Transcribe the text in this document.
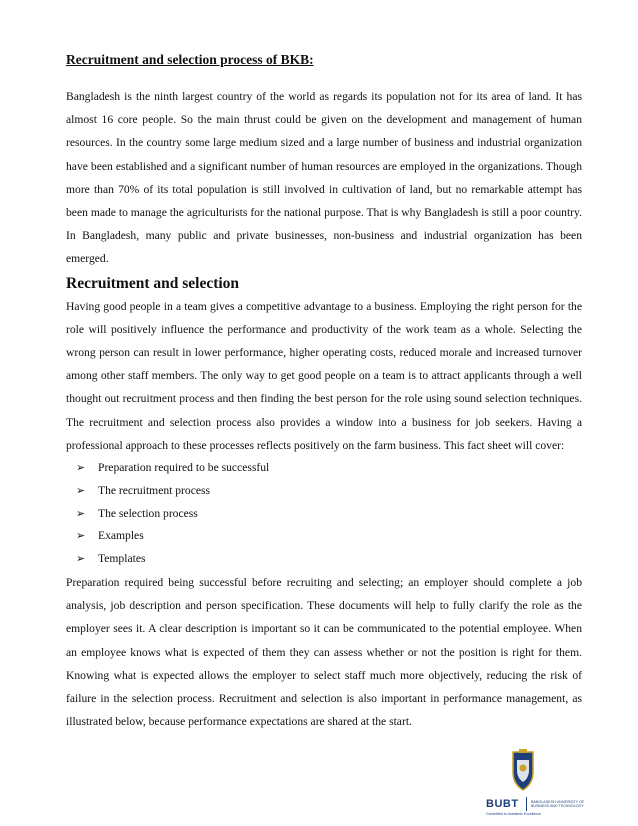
Recruitment and selection process of BKB:

Bangladesh is the ninth largest country of the world as regards its population not for its area of land. It has almost 16 core people. So the main thrust could be given on the development and management of human resources. In the country some large medium sized and a large number of business and industrial organization have been established and a significant number of human resources are employed in the organizations. Though more than 70% of its total population is still involved in cultivation of land, but no remarkable attempt has been made to manage the agriculturists for the national purpose. That is why Bangladesh is still a poor country. In Bangladesh, many public and private businesses, non-business and industrial organization has been emerged.

Recruitment and selection

Having good people in a team gives a competitive advantage to a business. Employing the right person for the role will positively influence the performance and productivity of the work team as a whole. Selecting the wrong person can result in lower performance, higher operating costs, reduced morale and increased turnover among other staff members. The only way to get good people on a team is to attract applicants through a well thought out recruitment process and then finding the best person for the role using sound selection techniques. The recruitment and selection process also provides a window into a business for job seekers. Having a professional approach to these processes reflects positively on the farm business. This fact sheet will cover:

➢	Preparation required to be successful
➢	The recruitment process
➢	The selection process
➢	Examples
➢	Templates

Preparation required being successful before recruiting and selecting; an employer should complete a job analysis, job description and person specification. These documents will help to fully clarify the role as the employer sees it. A clear description is important so it can be communicated to the potential employee. When an employee knows what is expected of them they can assess whether or not the position is right for them. Knowing what is expected allows the employer to select staff much more objectively, reducing the risk of failure in the selection process. Recruitment and selection is also important in performance management, as illustrated below, because performance expectations are shared at the start.

BUBT	BANGLADESH UNIVERSITY OF BUSINESS AND TECHNOLOGY
Committed to Academic Excellence
